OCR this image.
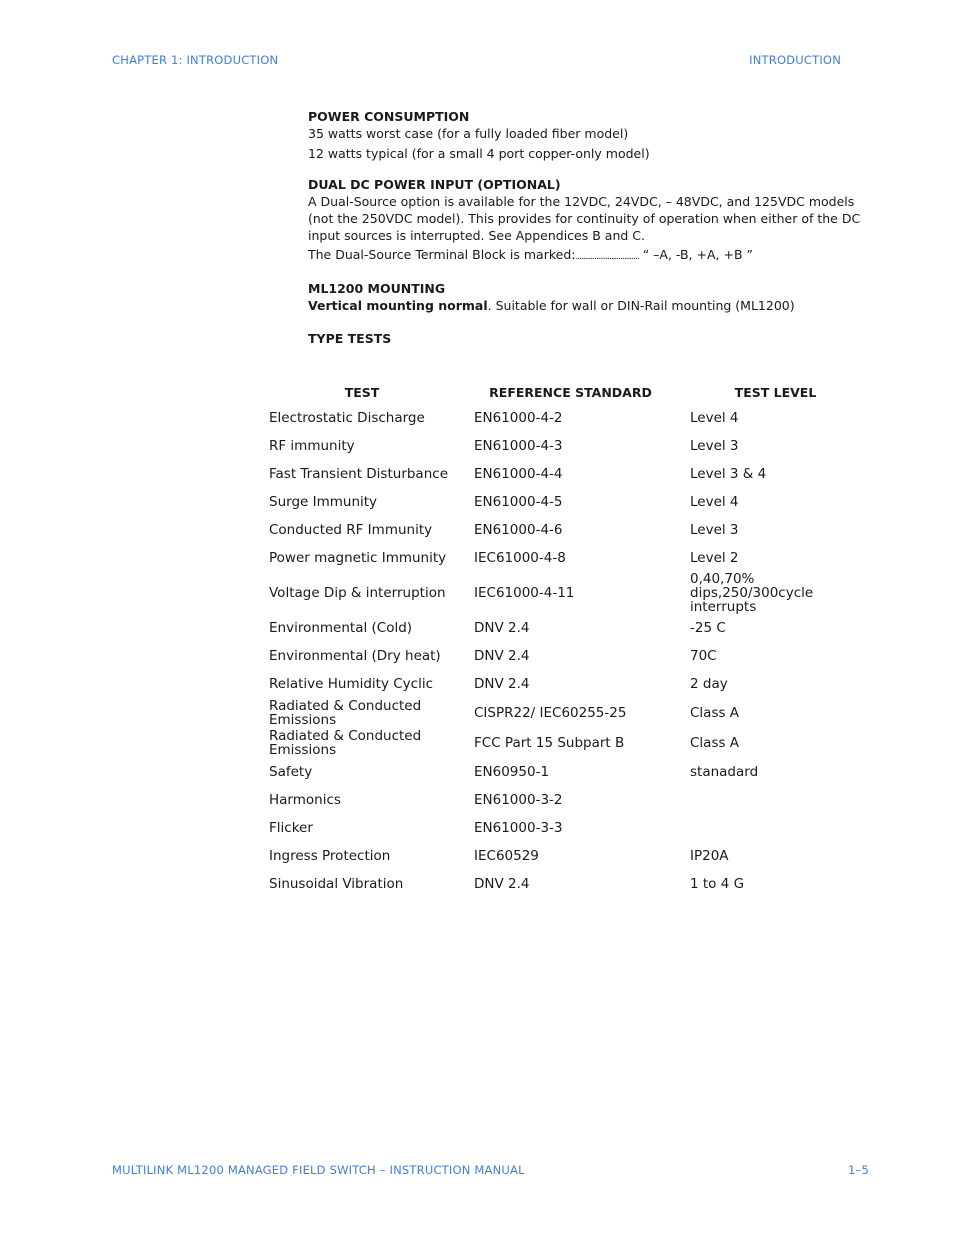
CHAPTER 1: INTRODUCTION	INTRODUCTION
POWER CONSUMPTION
35 watts worst case (for a fully loaded fiber model)
12 watts typical (for a small 4 port copper-only model)
DUAL DC POWER INPUT (OPTIONAL)
A Dual-Source option is available for the 12VDC, 24VDC, – 48VDC, and 125VDC models (not the 250VDC model). This provides for continuity of operation when either of the DC input sources is interrupted. See Appendices B and C.
The Dual-Source Terminal Block is marked:.................................. “ –A, -B, +A, +B ”
ML1200 MOUNTING
Vertical mounting normal. Suitable for wall or DIN-Rail mounting (ML1200)
TYPE TESTS
TEST	REFERENCE STANDARD	TEST LEVEL
Electrostatic Discharge	EN61000-4-2	Level 4
RF immunity	EN61000-4-3	Level 3
Fast Transient Disturbance	EN61000-4-4	Level 3 & 4
Surge Immunity	EN61000-4-5	Level 4
Conducted RF Immunity	EN61000-4-6	Level 3
Power magnetic Immunity	IEC61000-4-8	Level 2
Voltage Dip & interruption	IEC61000-4-11	0,40,70% dips,250/300cycle interrupts
Environmental (Cold)	DNV 2.4	-25 C
Environmental (Dry heat)	DNV 2.4	70C
Relative Humidity Cyclic	DNV 2.4	2 day
Radiated & Conducted Emissions	CISPR22/ IEC60255-25	Class A
Radiated & Conducted Emissions	FCC Part 15 Subpart B	Class A
Safety	EN60950-1	stanadard
Harmonics	EN61000-3-2	
Flicker	EN61000-3-3	
Ingress Protection	IEC60529	IP20A
Sinusoidal Vibration	DNV 2.4	1 to 4 G
MULTILINK ML1200 MANAGED FIELD SWITCH – INSTRUCTION MANUAL	1–5
